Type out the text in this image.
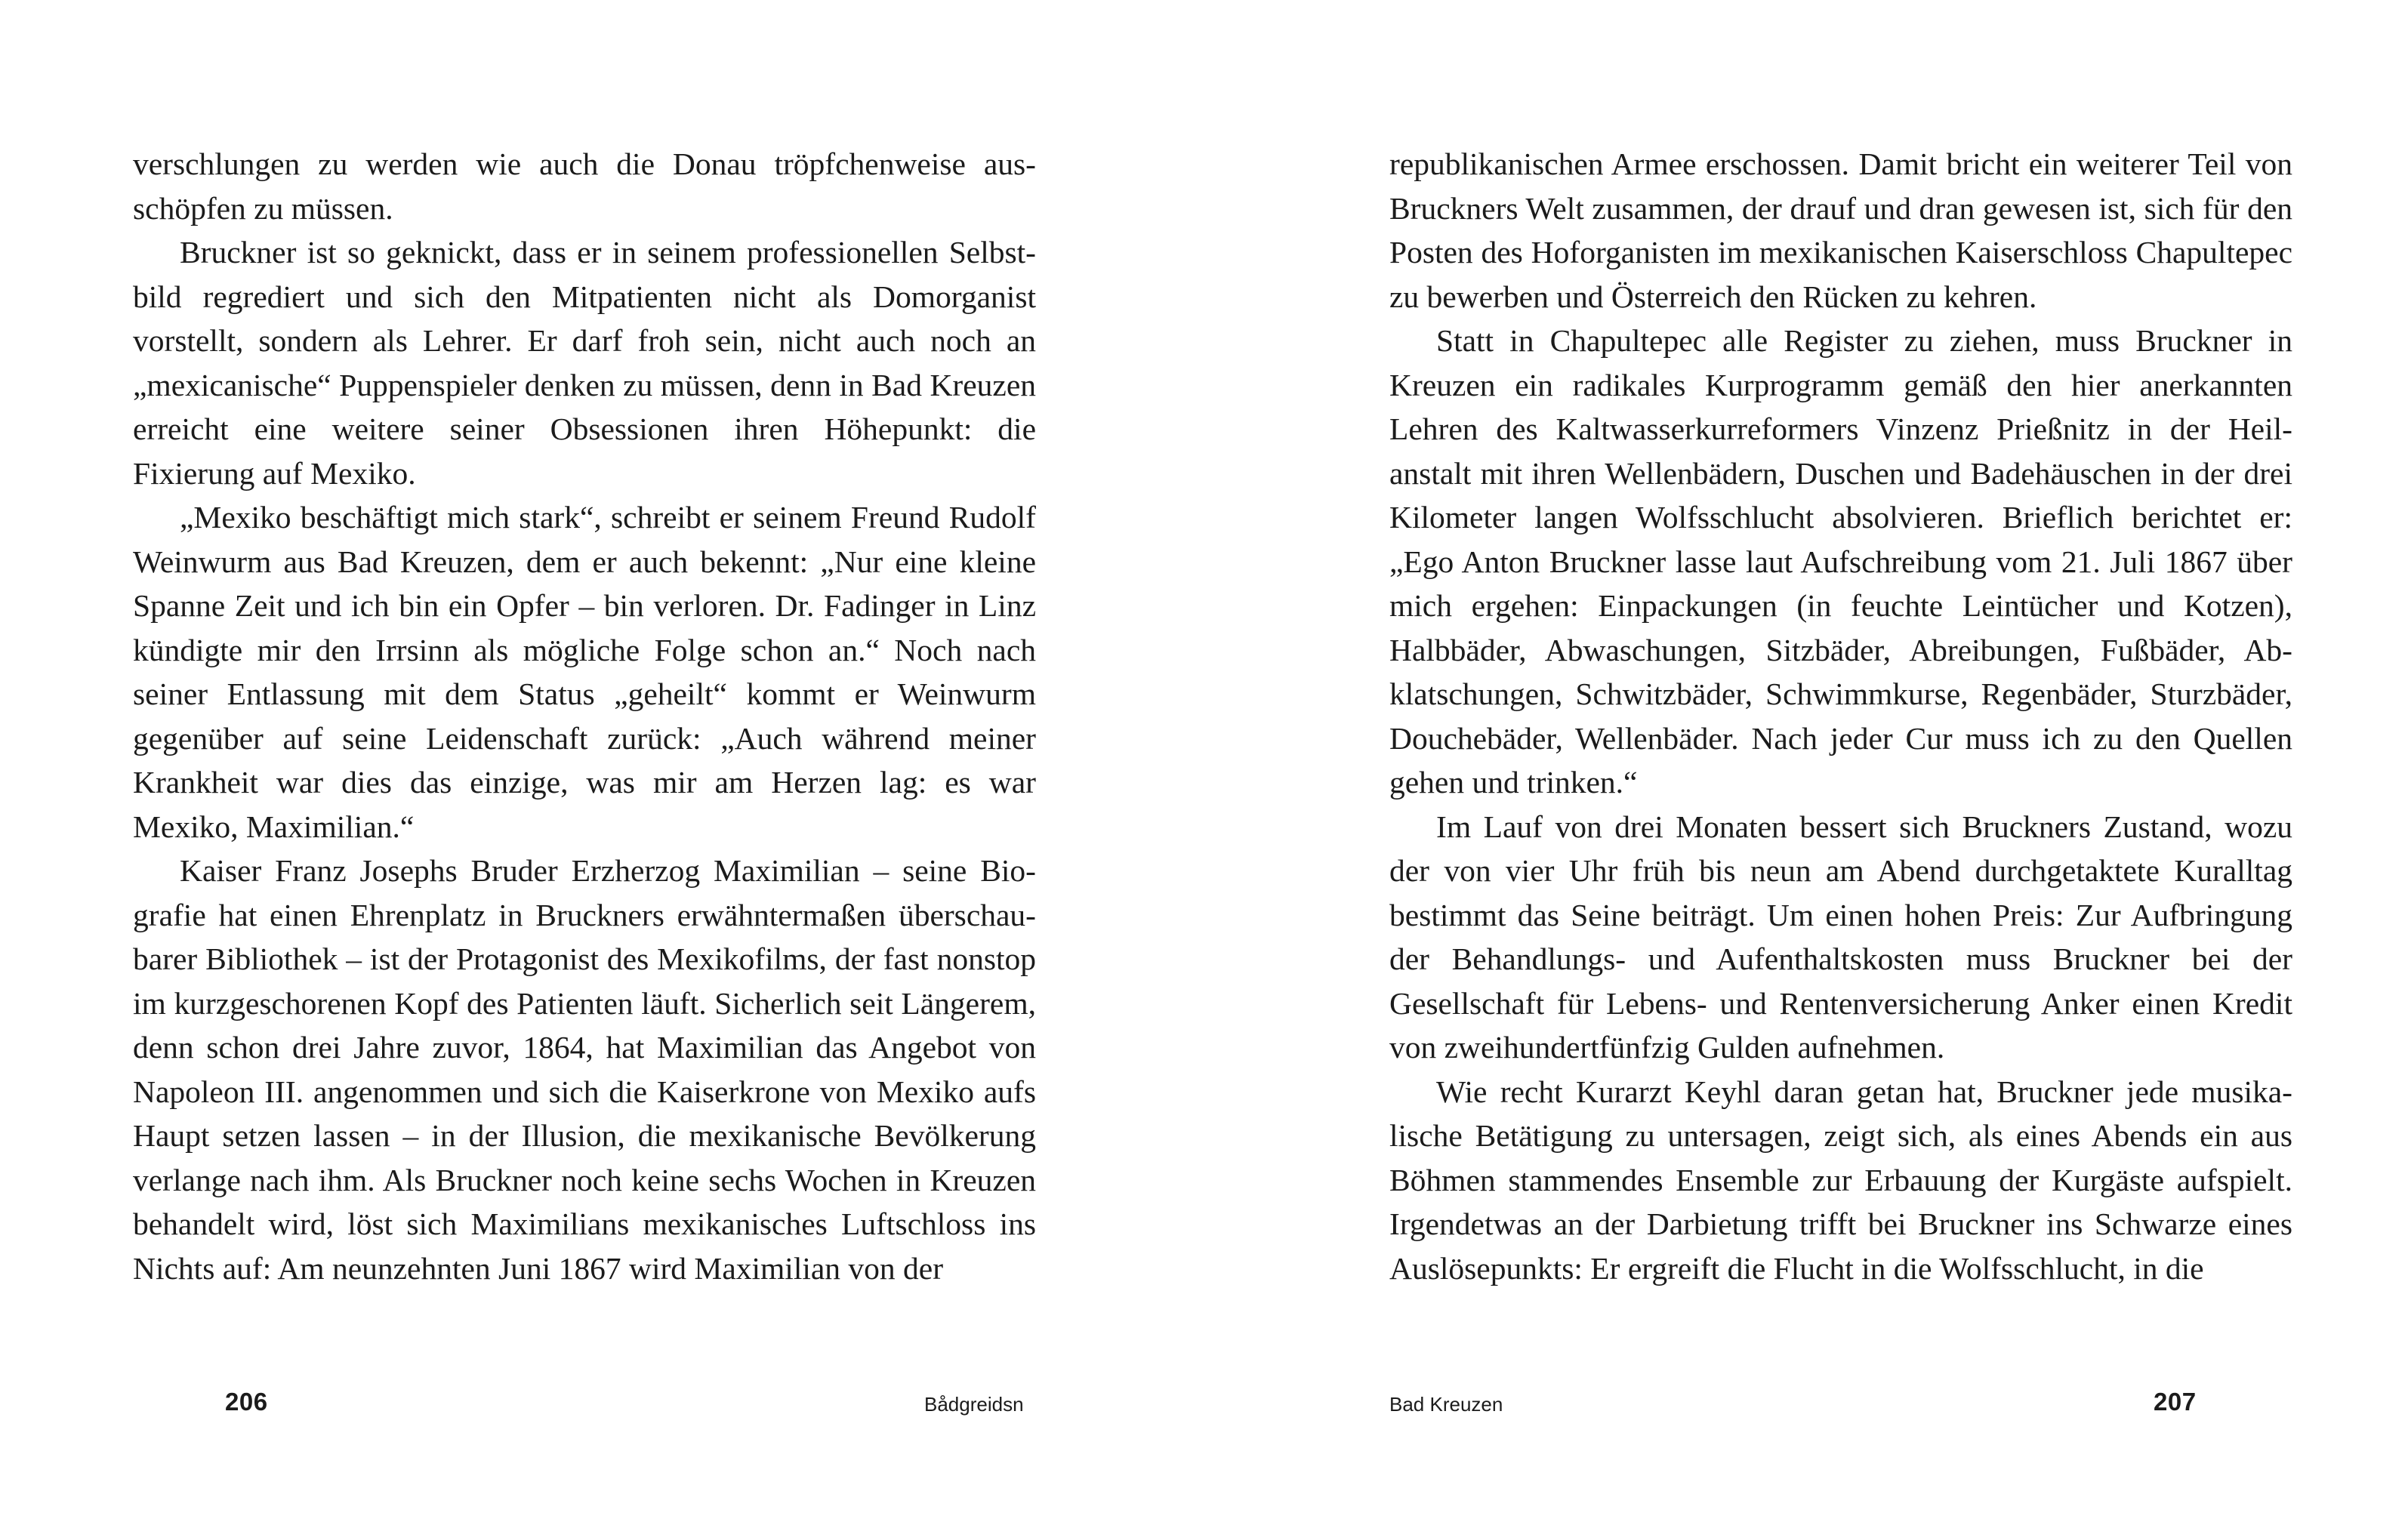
verschlungen zu werden wie auch die Donau tröpfchenweise ausschöpfen zu müssen.

Bruckner ist so geknickt, dass er in seinem professionellen Selbstbild regrediert und sich den Mitpatienten nicht als Domorganist vorstellt, sondern als Lehrer. Er darf froh sein, nicht auch noch an „mexicanische“ Puppenspieler denken zu müssen, denn in Bad Kreuzen erreicht eine weitere seiner Obsessionen ihren Höhepunkt: die Fixierung auf Mexiko.

„Mexiko beschäftigt mich stark“, schreibt er seinem Freund Rudolf Weinwurm aus Bad Kreuzen, dem er auch bekennt: „Nur eine kleine Spanne Zeit und ich bin ein Opfer – bin verloren. Dr. Fadinger in Linz kündigte mir den Irrsinn als mögliche Folge schon an.“ Noch nach seiner Entlassung mit dem Status „geheilt“ kommt er Weinwurm gegenüber auf seine Leidenschaft zurück: „Auch während meiner Krankheit war dies das einzige, was mir am Herzen lag: es war Mexiko, Maximilian.“

Kaiser Franz Josephs Bruder Erzherzog Maximilian – seine Biografie hat einen Ehrenplatz in Bruckners erwähntermaßen überschaubarer Bibliothek – ist der Protagonist des Mexikofilms, der fast nonstop im kurzgeschorenen Kopf des Patienten läuft. Sicherlich seit Längerem, denn schon drei Jahre zuvor, 1864, hat Maximilian das Angebot von Napoleon III. angenommen und sich die Kaiserkrone von Mexiko aufs Haupt setzen lassen – in der Illusion, die mexikanische Bevölkerung verlange nach ihm. Als Bruckner noch keine sechs Wochen in Kreuzen behandelt wird, löst sich Maximilians mexikanisches Luftschloss ins Nichts auf: Am neunzehnten Juni 1867 wird Maximilian von der

206	Bådgreidsn

republikanischen Armee erschossen. Damit bricht ein weiterer Teil von Bruckners Welt zusammen, der drauf und dran gewesen ist, sich für den Posten des Hoforganisten im mexikanischen Kaiserschloss Chapultepec zu bewerben und Österreich den Rücken zu kehren.

Statt in Chapultepec alle Register zu ziehen, muss Bruckner in Kreuzen ein radikales Kurprogramm gemäß den hier anerkannten Lehren des Kaltwasserkurreformers Vinzenz Prießnitz in der Heilanstalt mit ihren Wellenbädern, Duschen und Badehäuschen in der drei Kilometer langen Wolfsschlucht absolvieren. Brieflich berichtet er: „Ego Anton Bruckner lasse laut Aufschreibung vom 21. Juli 1867 über mich ergehen: Einpackungen (in feuchte Leintücher und Kotzen), Halbbäder, Abwaschungen, Sitzbäder, Abreibungen, Fußbäder, Abklatschungen, Schwitzbäder, Schwimmkurse, Regenbäder, Sturzbäder, Douchebäder, Wellenbäder. Nach jeder Cur muss ich zu den Quellen gehen und trinken.“

Im Lauf von drei Monaten bessert sich Bruckners Zustand, wozu der von vier Uhr früh bis neun am Abend durchgetaktete Kuralltag bestimmt das Seine beiträgt. Um einen hohen Preis: Zur Aufbringung der Behandlungs- und Aufenthaltskosten muss Bruckner bei der Gesellschaft für Lebens- und Rentenversicherung Anker einen Kredit von zweihundertfünfzig Gulden aufnehmen.

Wie recht Kurarzt Keyhl daran getan hat, Bruckner jede musikalische Betätigung zu untersagen, zeigt sich, als eines Abends ein aus Böhmen stammendes Ensemble zur Erbauung der Kurgäste aufspielt. Irgendetwas an der Darbietung trifft bei Bruckner ins Schwarze eines Auslösepunkts: Er ergreift die Flucht in die Wolfsschlucht, in die

Bad Kreuzen	207
